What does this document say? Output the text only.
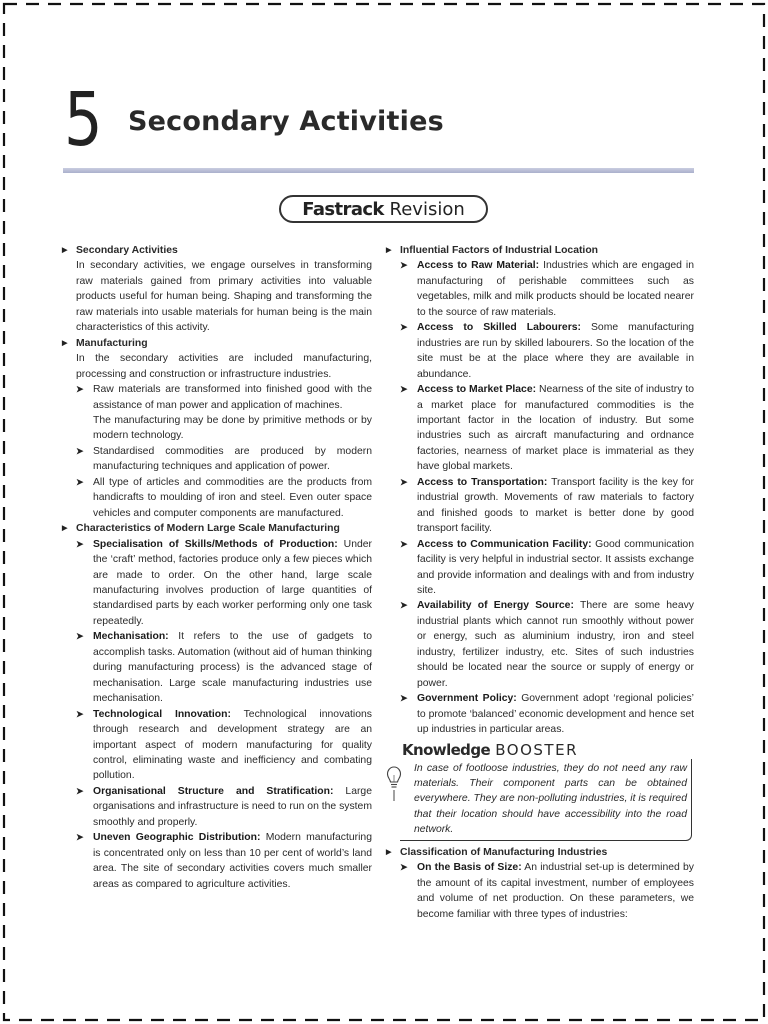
5 Secondary Activities
Fastrack Revision
▶ Secondary Activities
In secondary activities, we engage ourselves in transforming raw materials gained from primary activities into valuable products useful for human being. Shaping and transforming the raw materials into usable materials for human being is the main characteristics of this activity.
▶ Manufacturing
In the secondary activities are included manufacturing, processing and construction or infrastructure industries.
➤ Raw materials are transformed into finished good with the assistance of man power and application of machines.
The manufacturing may be done by primitive methods or by modern technology.
➤ Standardised commodities are produced by modern manufacturing techniques and application of power.
➤ All type of articles and commodities are the products from handicrafts to moulding of iron and steel. Even outer space vehicles and computer components are manufactured.
▶ Characteristics of Modern Large Scale Manufacturing
➤ Specialisation of Skills/Methods of Production: Under the ‘craft’ method, factories produce only a few pieces which are made to order. On the other hand, large scale manufacturing involves production of large quantities of standardised parts by each worker performing only one task repeatedly.
➤ Mechanisation: It refers to the use of gadgets to accomplish tasks. Automation (without aid of human thinking during manufacturing process) is the advanced stage of mechanisation. Large scale manufacturing industries use mechanisation.
➤ Technological Innovation: Technological innovations through research and development strategy are an important aspect of modern manufacturing for quality control, eliminating waste and inefficiency and combating pollution.
➤ Organisational Structure and Stratification: Large organisations and infrastructure is need to run on the system smoothly and properly.
➤ Uneven Geographic Distribution: Modern manufacturing is concentrated only on less than 10 per cent of world’s land area. The site of secondary activities covers much smaller areas as compared to agriculture activities.
▶ Influential Factors of Industrial Location
➤ Access to Raw Material: Industries which are engaged in manufacturing of perishable committees such as vegetables, milk and milk products should be located nearer to the source of raw materials.
➤ Access to Skilled Labourers: Some manufacturing industries are run by skilled labourers. So the location of the site must be at the place where they are available in abundance.
➤ Access to Market Place: Nearness of the site of industry to a market place for manufactured commodities is the important factor in the location of industry. But some industries such as aircraft manufacturing and ordnance factories, nearness of market place is immaterial as they have global markets.
➤ Access to Transportation: Transport facility is the key for industrial growth. Movements of raw materials to factory and finished goods to market is better done by good transport facility.
➤ Access to Communication Facility: Good communication facility is very helpful in industrial sector. It assists exchange and provide information and dealings with and from industry site.
➤ Availability of Energy Source: There are some heavy industrial plants which cannot run smoothly without power or energy, such as aluminium industry, iron and steel industry, fertilizer industry, etc. Sites of such industries should be located near the source or supply of energy or power.
➤ Government Policy: Government adopt ‘regional policies’ to promote ‘balanced’ economic development and hence set up industries in particular areas.
Knowledge BOOSTER
In case of footloose industries, they do not need any raw materials. Their component parts can be obtained everywhere. They are non-polluting industries, it is required that their location should have accessibility into the road network.
▶ Classification of Manufacturing Industries
➤ On the Basis of Size: An industrial set-up is determined by the amount of its capital investment, number of employees and volume of net production. On these parameters, we become familiar with three types of industries:
